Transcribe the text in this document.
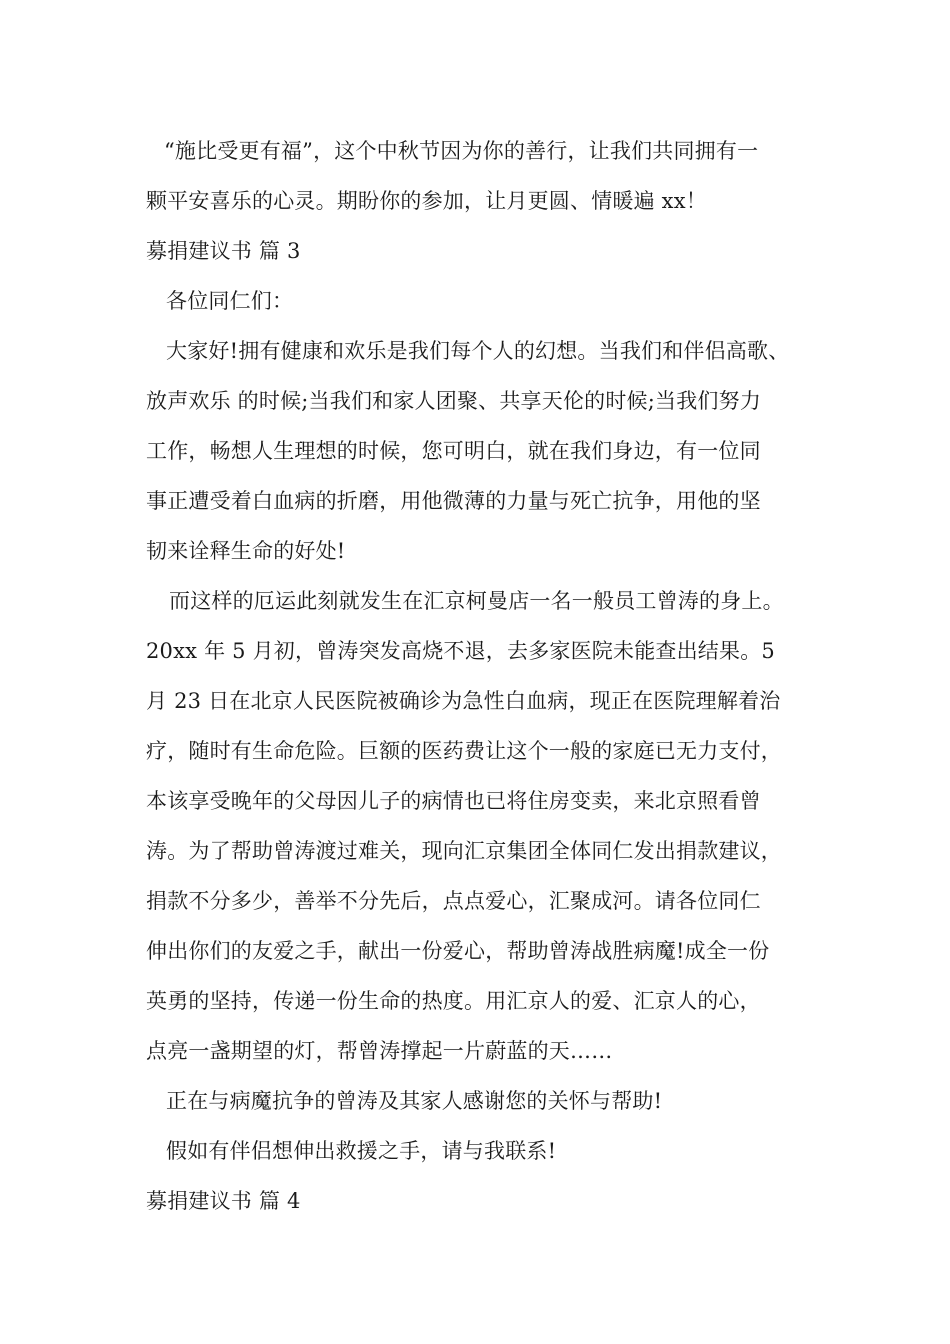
“施比受更有福”，这个中秋节因为你的善行，让我们共同拥有一
颗平安喜乐的心灵。期盼你的参加，让月更圆、情暖遍 xx！
募捐建议书 篇 3
各位同仁们：
大家好!拥有健康和欢乐是我们每个人的幻想。当我们和伴侣高歌、
放声欢乐 的时候;当我们和家人团聚、共享天伦的时候;当我们努力
工作，畅想人生理想的时候，您可明白，就在我们身边，有一位同
事正遭受着白血病的折磨，用他微薄的力量与死亡抗争，用他的坚
韧来诠释生命的好处!
而这样的厄运此刻就发生在汇京柯曼店一名一般员工曾涛的身上。
20xx 年 5 月初，曾涛突发高烧不退，去多家医院未能查出结果。5
月 23 日在北京人民医院被确诊为急性白血病，现正在医院理解着治
疗，随时有生命危险。巨额的医药费让这个一般的家庭已无力支付，
本该享受晚年的父母因儿子的病情也已将住房变卖，来北京照看曾
涛。为了帮助曾涛渡过难关，现向汇京集团全体同仁发出捐款建议，
捐款不分多少，善举不分先后，点点爱心，汇聚成河。请各位同仁
伸出你们的友爱之手，献出一份爱心，帮助曾涛战胜病魔!成全一份
英勇的坚持，传递一份生命的热度。用汇京人的爱、汇京人的心，
点亮一盏期望的灯，帮曾涛撑起一片蔚蓝的天……
正在与病魔抗争的曾涛及其家人感谢您的关怀与帮助!
假如有伴侣想伸出救援之手，请与我联系!
募捐建议书 篇 4
